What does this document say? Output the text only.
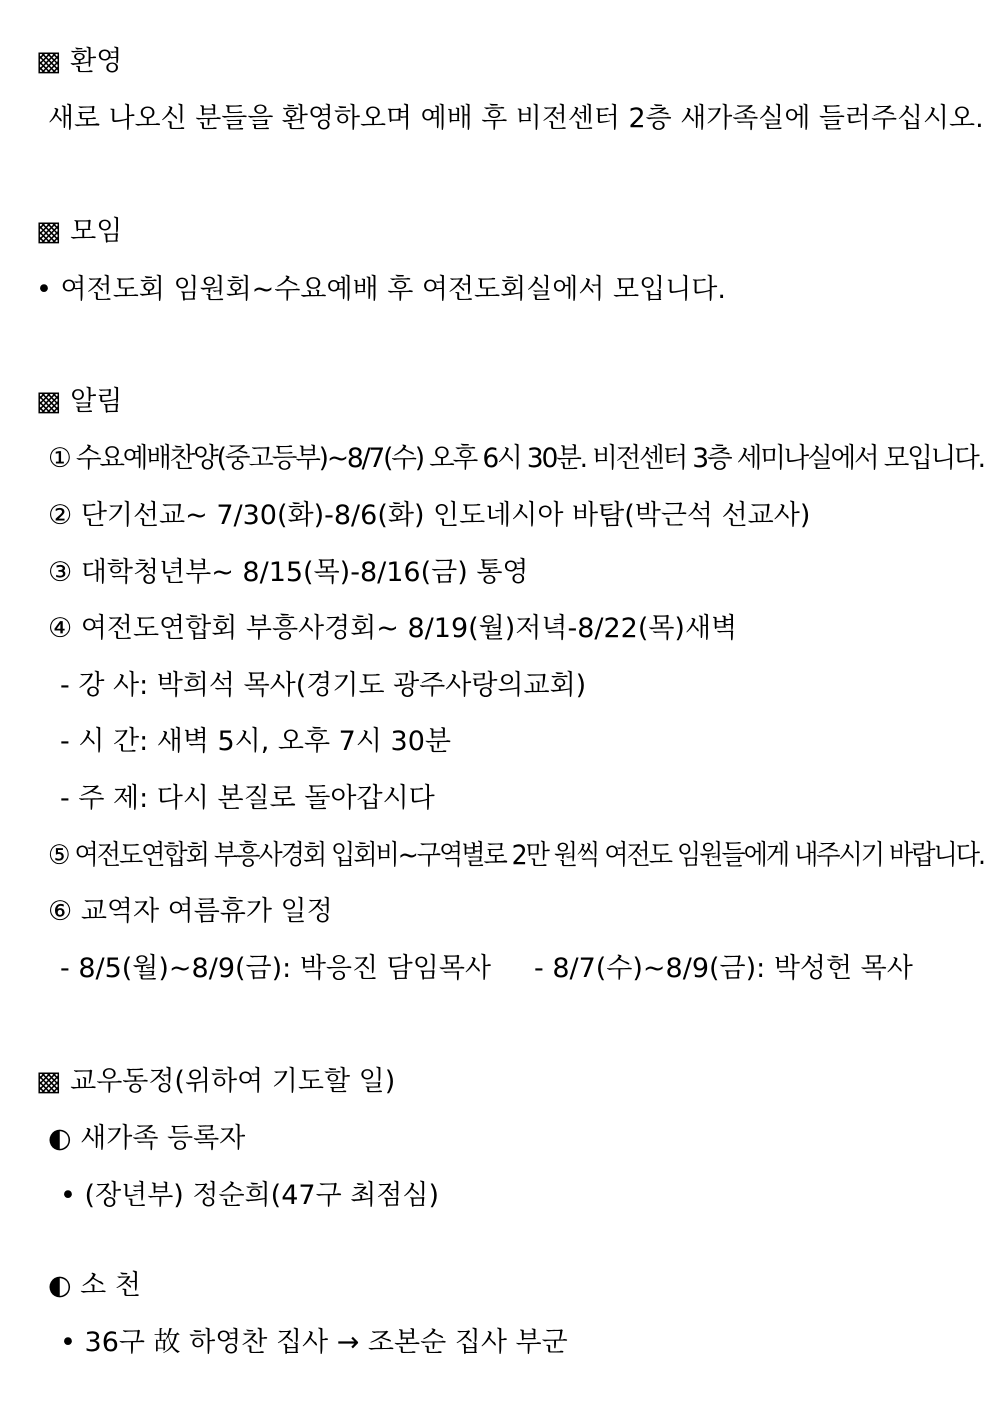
▩ 환영
새로 나오신 분들을 환영하오며 예배 후 비전센터 2층 새가족실에 들러주십시오.
▩ 모임
• 여전도회 임원회~수요예배 후 여전도회실에서 모입니다.
▩ 알림
① 수요예배찬양(중고등부)~8/7(수) 오후 6시 30분. 비전센터 3층 세미나실에서 모입니다.
② 단기선교~ 7/30(화)-8/6(화) 인도네시아 바탐(박근석 선교사)
③ 대학청년부~ 8/15(목)-8/16(금) 통영
④ 여전도연합회 부흥사경회~ 8/19(월)저녁-8/22(목)새벽
- 강 사: 박희석 목사(경기도 광주사랑의교회)
- 시 간: 새벽 5시, 오후 7시 30분
- 주 제: 다시 본질로 돌아갑시다
⑤ 여전도연합회 부흥사경회 입회비~구역별로 2만 원씩 여전도 임원들에게 내주시기 바랍니다.
⑥ 교역자 여름휴가 일정
- 8/5(월)~8/9(금): 박응진 담임목사 - 8/7(수)~8/9(금): 박성헌 목사
▩ 교우동정(위하여 기도할 일)
◐ 새가족 등록자
• (장년부) 정순희(47구 최점심)
◐ 소 천
• 36구 故 하영찬 집사 → 조본순 집사 부군
